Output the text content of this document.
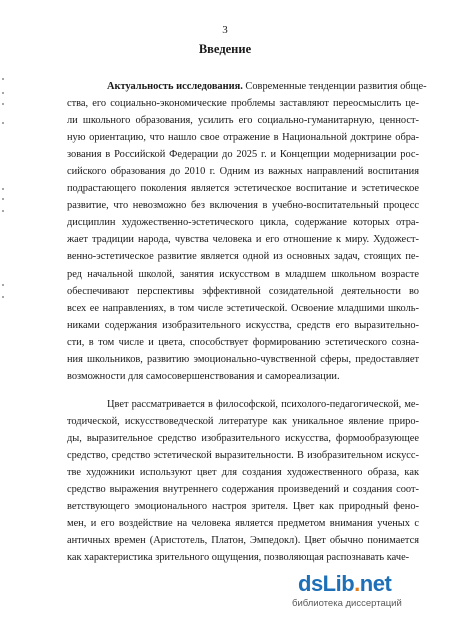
3
Введение
Актуальность исследования. Современные тенденции развития обще-
ства, его социально-экономические проблемы заставляют переосмыслить це-
ли школьного образования, усилить его социально-гуманитарную, ценност-
ную ориентацию, что нашло свое отражение в Национальной доктрине обра-
зования в Российской Федерации до 2025 г. и Концепции модернизации рос-
сийского образования до 2010 г. Одним из важных направлений воспитания
подрастающего поколения является эстетическое воспитание и эстетическое
развитие, что невозможно без включения в учебно-воспитательный процесс
дисциплин художественно-эстетического цикла, содержание которых отра-
жает традиции народа, чувства человека и его отношение к миру. Художест-
венно-эстетическое развитие является одной из основных задач, стоящих пе-
ред начальной школой, занятия искусством в младшем школьном возрасте
обеспечивают перспективы эффективной созидательной деятельности во
всех ее направлениях, в том числе эстетической. Освоение младшими школь-
никами содержания изобразительного искусства, средств его выразительно-
сти, в том числе и цвета, способствует формированию эстетического созна-
ния школьников, развитию эмоционально-чувственной сферы, предоставляет
возможности для самосовершенствования и самореализации.
Цвет рассматривается в философской, психолого-педагогической, ме-
тодической, искусствоведческой литературе как уникальное явление приро-
ды, выразительное средство изобразительного искусства, формообразующее
средство, средство эстетической выразительности. В изобразительном искусс-
тве художники используют цвет для создания художественного образа, как
средство выражения внутреннего содержания произведений и создания соот-
ветствующего эмоционального настроя зрителя. Цвет как природный фено-
мен, и его воздействие на человека является предметом внимания ученых с
античных времен (Аристотель, Платон, Эмпедокл). Цвет обычно понимается
как характеристика зрительного ощущения, позволяющая распознавать каче-
dsLib.net
библиотека диссертаций
